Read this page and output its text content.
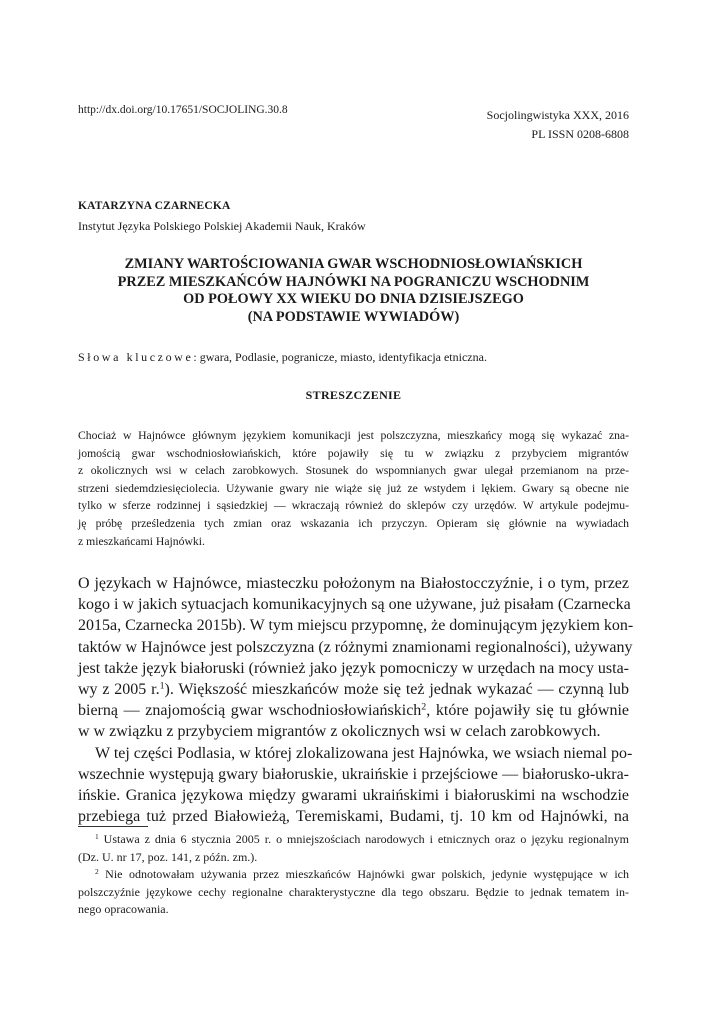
http://dx.doi.org/10.17651/SOCJOLING.30.8	Socjolingwistyka XXX, 2016
PL ISSN 0208-6808
KATARZYNA CZARNECKA
Instytut Języka Polskiego Polskiej Akademii Nauk, Kraków
ZMIANY WARTOŚCIOWANIA GWAR WSCHODNIOSŁOWIAŃSKICH
PRZEZ MIESZKAŃCÓW HAJNÓWKI NA POGRANICZU WSCHODNIM
OD POŁOWY XX WIEKU DO DNIA DZISIEJSZEGO
(NA PODSTAWIE WYWIADÓW)
Słowa kluczowe: gwara, Podlasie, pogranicze, miasto, identyfikacja etniczna.
STRESZCZENIE
Chociaż w Hajnówce głównym językiem komunikacji jest polszczyzna, mieszkańcy mogą się wykazać zna-
jomością gwar wschodniosłowiańskich, które pojawiły się tu w związku z przybyciem migrantów
z okolicznych wsi w celach zarobkowych. Stosunek do wspomnianych gwar ulegał przemianom na prze-
strzeni siedemdziesięciolecia. Używanie gwary nie wiąże się już ze wstydem i lękiem. Gwary są obecne nie
tylko w sferze rodzinnej i sąsiedzkiej — wkraczają również do sklepów czy urzędów. W artykule podejmu-
ję próbę prześledzenia tych zmian oraz wskazania ich przyczyn. Opieram się głównie na wywiadach
z mieszkańcami Hajnówki.
O językach w Hajnówce, miasteczku położonym na Białostocczyźnie, i o tym, przez
kogo i w jakich sytuacjach komunikacyjnych są one używane, już pisałam (Czarnecka
2015a, Czarnecka 2015b). W tym miejscu przypomnę, że dominującym językiem kon-
taktów w Hajnówce jest polszczyzna (z różnymi znamionami regionalności), używany
jest także język białoruski (również jako język pomocniczy w urzędach na mocy usta-
wy z 2005 r.$^1$). Większość mieszkańców może się też jednak wykazać — czynną lub
bierną — znajomością gwar wschodniosłowiańskich$^2$, które pojawiły się tu głównie
w w związku z przybyciem migrantów z okolicznych wsi w celach zarobkowych.
W tej części Podlasia, w której zlokalizowana jest Hajnówka, we wsiach niemal po-
wszechnie występują gwary białoruskie, ukraińskie i przejściowe — białorusko-ukra-
ińskie. Granica językowa między gwarami ukraińskimi i białoruskimi na wschodzie
przebiega tuż przed Białowieżą, Teremiskami, Budami, tj. 10 km od Hajnówki, na
$^1$ Ustawa z dnia 6 stycznia 2005 r. o mniejszościach narodowych i etnicznych oraz o języku regionalnym
(Dz. U. nr 17, poz. 141, z późn. zm.).
$^2$ Nie odnotowałam używania przez mieszkańców Hajnówki gwar polskich, jedynie występujące w ich
polszczyźnie językowe cechy regionalne charakterystyczne dla tego obszaru. Będzie to jednak tematem in-
nego opracowania.
